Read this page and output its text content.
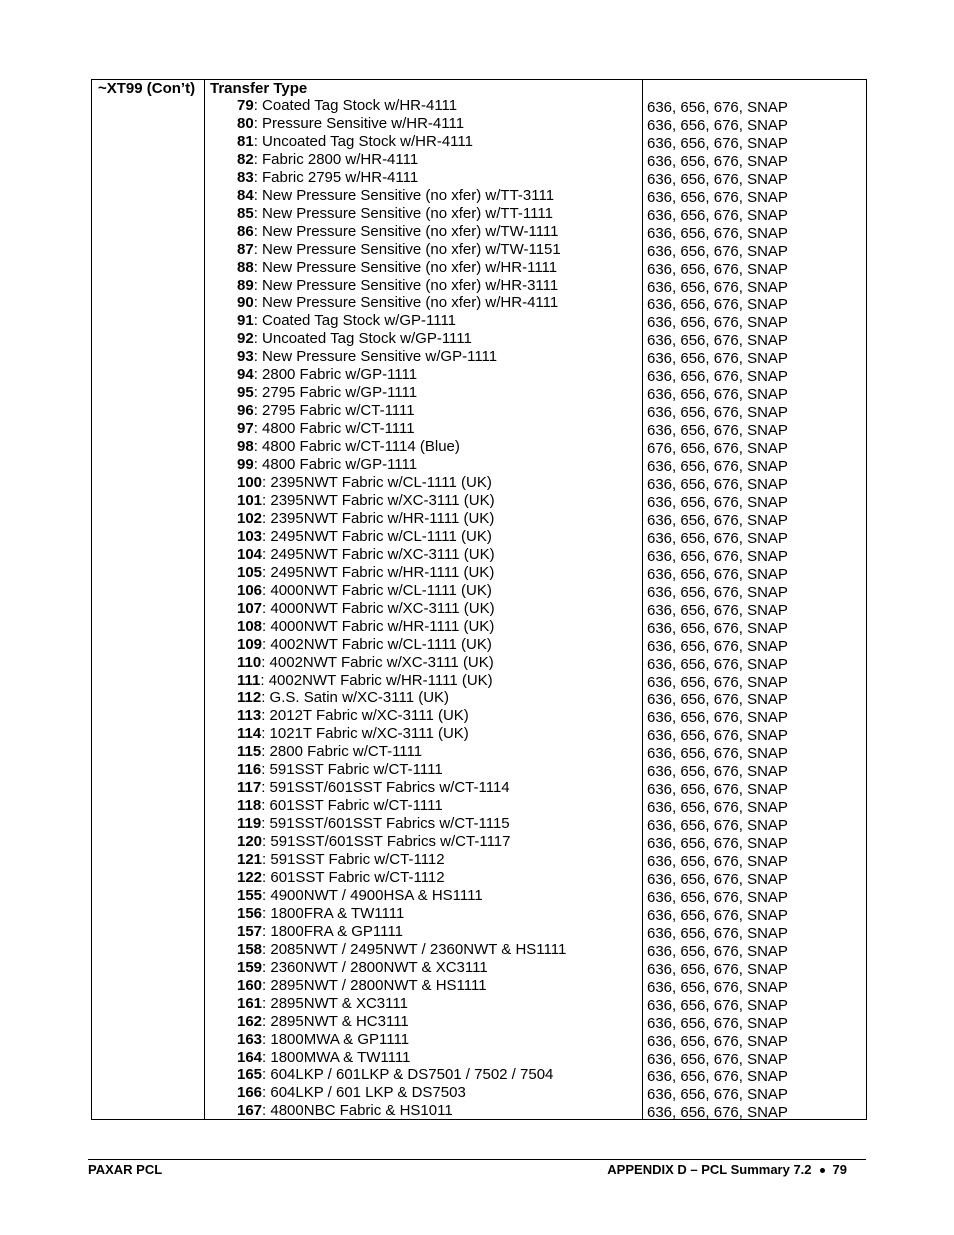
~XT99 (Con’t) Transfer Type
79: Coated Tag Stock w/HR-4111
80: Pressure Sensitive w/HR-4111
81: Uncoated Tag Stock w/HR-4111
82: Fabric 2800 w/HR-4111
83: Fabric 2795 w/HR-4111
84: New Pressure Sensitive (no xfer) w/TT-3111
85: New Pressure Sensitive (no xfer) w/TT-1111
86: New Pressure Sensitive (no xfer) w/TW-1111
87: New Pressure Sensitive (no xfer) w/TW-1151
88: New Pressure Sensitive (no xfer) w/HR-1111
89: New Pressure Sensitive (no xfer) w/HR-3111
90: New Pressure Sensitive (no xfer) w/HR-4111
91: Coated Tag Stock w/GP-1111
92: Uncoated Tag Stock w/GP-1111
93: New Pressure Sensitive w/GP-1111
94: 2800 Fabric w/GP-1111
95: 2795 Fabric w/GP-1111
96: 2795 Fabric w/CT-1111
97: 4800 Fabric w/CT-1111
98: 4800 Fabric w/CT-1114 (Blue)
99: 4800 Fabric w/GP-1111
100: 2395NWT Fabric w/CL-1111 (UK)
101: 2395NWT Fabric w/XC-3111 (UK)
102: 2395NWT Fabric w/HR-1111 (UK)
103: 2495NWT Fabric w/CL-1111 (UK)
104: 2495NWT Fabric w/XC-3111 (UK)
105: 2495NWT Fabric w/HR-1111 (UK)
106: 4000NWT Fabric w/CL-1111 (UK)
107: 4000NWT Fabric w/XC-3111 (UK)
108: 4000NWT Fabric w/HR-1111 (UK)
109: 4002NWT Fabric w/CL-1111 (UK)
110: 4002NWT Fabric w/XC-3111 (UK)
111: 4002NWT Fabric w/HR-1111 (UK)
112: G.S. Satin w/XC-3111 (UK)
113: 2012T Fabric w/XC-3111 (UK)
114: 1021T Fabric w/XC-3111 (UK)
115: 2800 Fabric w/CT-1111
116: 591SST Fabric w/CT-1111
117: 591SST/601SST Fabrics w/CT-1114
118: 601SST Fabric w/CT-1111
119: 591SST/601SST Fabrics w/CT-1115
120: 591SST/601SST Fabrics w/CT-1117
121: 591SST Fabric w/CT-1112
122: 601SST Fabric w/CT-1112
155: 4900NWT / 4900HSA & HS1111
156: 1800FRA & TW1111
157: 1800FRA & GP1111
158: 2085NWT / 2495NWT / 2360NWT & HS1111
159: 2360NWT / 2800NWT & XC3111
160: 2895NWT / 2800NWT & HS1111
161: 2895NWT & XC3111
162: 2895NWT & HC3111
163: 1800MWA & GP1111
164: 1800MWA & TW1111
165: 604LKP / 601LKP & DS7501 / 7502 / 7504
166: 604LKP / 601 LKP & DS7503
167: 4800NBC Fabric & HS1011
636, 656, 676, SNAP
636, 656, 676, SNAP
636, 656, 676, SNAP
636, 656, 676, SNAP
636, 656, 676, SNAP
636, 656, 676, SNAP
636, 656, 676, SNAP
636, 656, 676, SNAP
636, 656, 676, SNAP
636, 656, 676, SNAP
636, 656, 676, SNAP
636, 656, 676, SNAP
636, 656, 676, SNAP
636, 656, 676, SNAP
636, 656, 676, SNAP
636, 656, 676, SNAP
636, 656, 676, SNAP
636, 656, 676, SNAP
636, 656, 676, SNAP
676, 656, 676, SNAP
636, 656, 676, SNAP
636, 656, 676, SNAP
636, 656, 676, SNAP
636, 656, 676, SNAP
636, 656, 676, SNAP
636, 656, 676, SNAP
636, 656, 676, SNAP
636, 656, 676, SNAP
636, 656, 676, SNAP
636, 656, 676, SNAP
636, 656, 676, SNAP
636, 656, 676, SNAP
636, 656, 676, SNAP
636, 656, 676, SNAP
636, 656, 676, SNAP
636, 656, 676, SNAP
636, 656, 676, SNAP
636, 656, 676, SNAP
636, 656, 676, SNAP
636, 656, 676, SNAP
636, 656, 676, SNAP
636, 656, 676, SNAP
636, 656, 676, SNAP
636, 656, 676, SNAP
636, 656, 676, SNAP
636, 656, 676, SNAP
636, 656, 676, SNAP
636, 656, 676, SNAP
636, 656, 676, SNAP
636, 656, 676, SNAP
636, 656, 676, SNAP
636, 656, 676, SNAP
636, 656, 676, SNAP
636, 656, 676, SNAP
636, 656, 676, SNAP
636, 656, 676, SNAP
636, 656, 676, SNAP
PAXAR PCL	APPENDIX D – PCL Summary 7.2 79
